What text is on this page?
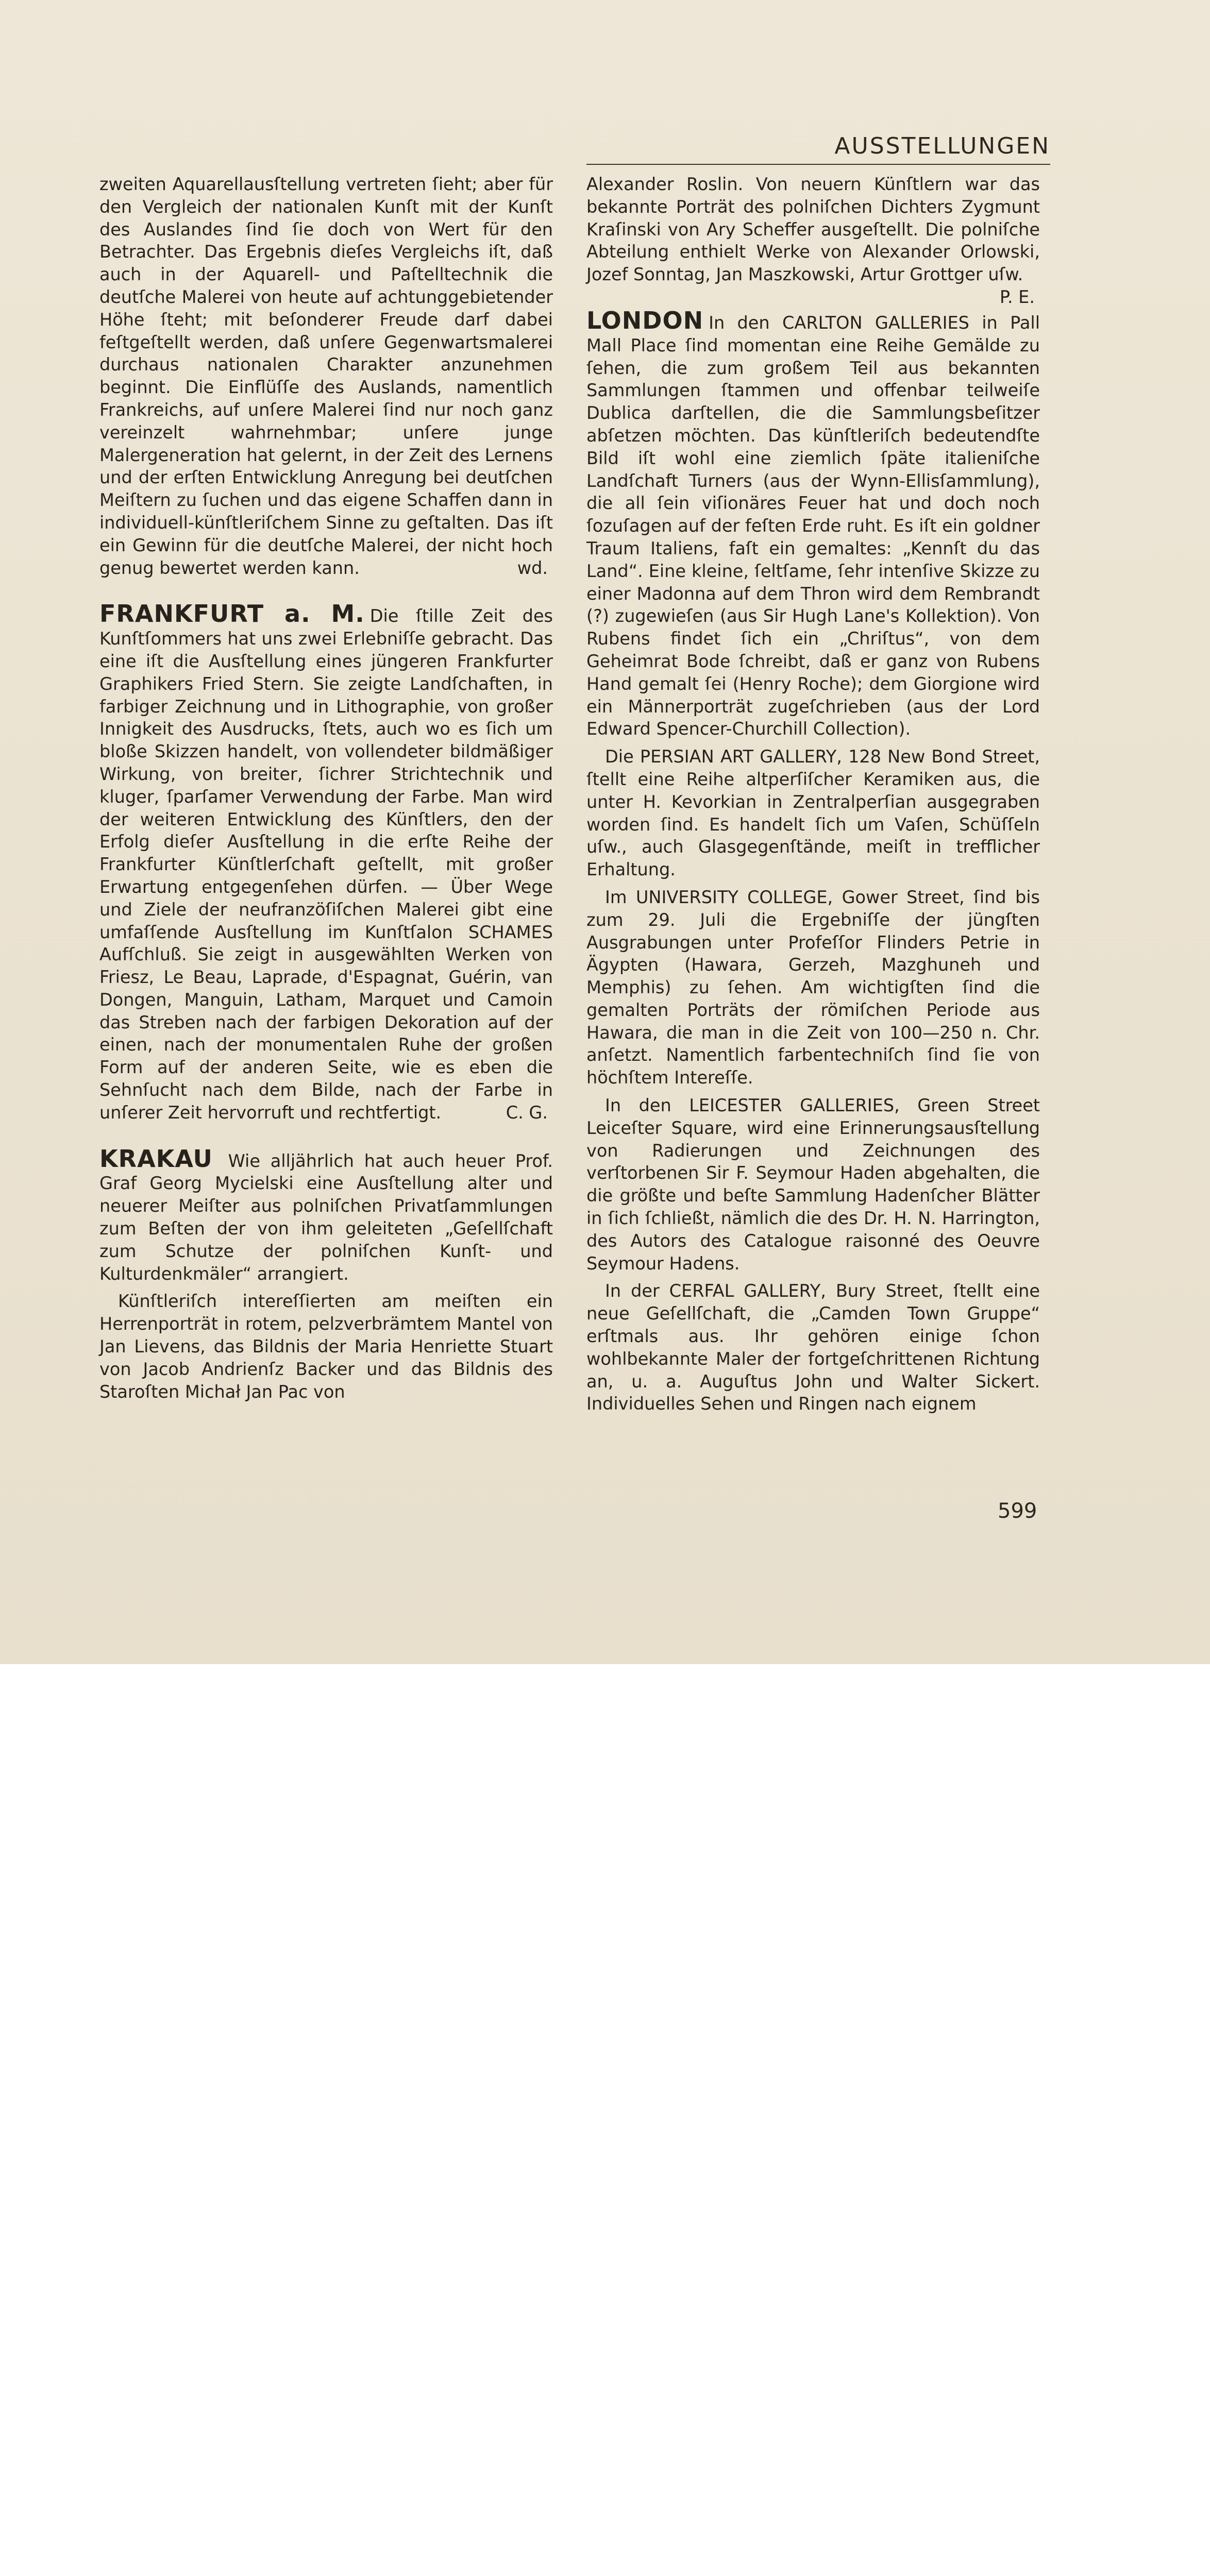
AUSSTELLUNGEN

zweiten Aquarellausſtellung vertreten ſieht; aber für den Vergleich der nationalen Kunſt mit der Kunſt des Auslandes ſind ſie doch von Wert für den Betrachter. Das Ergebnis dieſes Vergleichs iſt, daß auch in der Aquarell- und Paſtelltechnik die deutſche Malerei von heute auf achtunggebietender Höhe ſteht; mit beſonderer Freude darf dabei feſtgeſtellt werden, daß unſere Gegenwartsmalerei durchaus nationalen Charakter anzunehmen beginnt. Die Einflüſſe des Auslands, namentlich Frankreichs, auf unſere Malerei ſind nur noch ganz vereinzelt wahrnehmbar; unſere junge Malergeneration hat gelernt, in der Zeit des Lernens und der erſten Entwicklung Anregung bei deutſchen Meiſtern zu ſuchen und das eigene Schaffen dann in individuell-künſtleriſchem Sinne zu geſtalten. Das iſt ein Gewinn für die deutſche Malerei, der nicht hoch genug bewertet werden kann.	wd.

FRANKFURT a. M. Die ſtille Zeit des Kunſtſommers hat uns zwei Erlebniſſe gebracht. Das eine iſt die Ausſtellung eines jüngeren Frankfurter Graphikers Fried Stern. Sie zeigte Landſchaften, in farbiger Zeichnung und in Lithographie, von großer Innigkeit des Ausdrucks, ſtets, auch wo es ſich um bloße Skizzen handelt, von vollendeter bildmäßiger Wirkung, von breiter, ſichrer Strichtechnik und kluger, ſparſamer Verwendung der Farbe. Man wird der weiteren Entwicklung des Künſtlers, den der Erfolg dieſer Ausſtellung in die erſte Reihe der Frankfurter Künſtlerſchaft geſtellt, mit großer Erwartung entgegenſehen dürfen. — Über Wege und Ziele der neufranzöſiſchen Malerei gibt eine umfaſſende Ausſtellung im Kunſtſalon SCHAMES Aufſchluß. Sie zeigt in ausgewählten Werken von Friesz, Le Beau, Laprade, d'Espagnat, Guérin, van Dongen, Manguin, Latham, Marquet und Camoin das Streben nach der farbigen Dekoration auf der einen, nach der monumentalen Ruhe der großen Form auf der anderen Seite, wie es eben die Sehnſucht nach dem Bilde, nach der Farbe in unſerer Zeit hervorruft und rechtfertigt.	C. G.

KRAKAU Wie alljährlich hat auch heuer Prof. Graf Georg Mycielski eine Ausſtellung alter und neuerer Meiſter aus polniſchen Privatſammlungen zum Beſten der von ihm geleiteten „Geſellſchaft zum Schutze der polniſchen Kunſt- und Kulturdenkmäler“ arrangiert.

Künſtleriſch intereſſierten am meiſten ein Herrenporträt in rotem, pelzverbrämtem Mantel von Jan Lievens, das Bildnis der Maria Henriette Stuart von Jacob Andrienſz Backer und das Bildnis des Staroſten Michał Jan Pac von

Alexander Roslin. Von neuern Künſtlern war das bekannte Porträt des polniſchen Dichters Zygmunt Kraſinski von Ary Scheffer ausgeſtellt. Die polniſche Abteilung enthielt Werke von Alexander Orlowski, Jozef Sonntag, Jan Maszkowski, Artur Grottger uſw.
P. E.

LONDON In den CARLTON GALLERIES in Pall Mall Place ſind momentan eine Reihe Gemälde zu ſehen, die zum großem Teil aus bekannten Sammlungen ſtammen und offenbar teilweiſe Dublica darſtellen, die die Sammlungsbeſitzer abſetzen möchten. Das künſtleriſch bedeutendſte Bild iſt wohl eine ziemlich ſpäte italieniſche Landſchaft Turners (aus der Wynn-Ellisſammlung), die all ſein viſionäres Feuer hat und doch noch ſozuſagen auf der feſten Erde ruht. Es iſt ein goldner Traum Italiens, faſt ein gemaltes: „Kennſt du das Land“. Eine kleine, ſeltſame, ſehr intenſive Skizze zu einer Madonna auf dem Thron wird dem Rembrandt (?) zugewieſen (aus Sir Hugh Lane's Kollektion). Von Rubens findet ſich ein „Chriſtus“, von dem Geheimrat Bode ſchreibt, daß er ganz von Rubens Hand gemalt ſei (Henry Roche); dem Giorgione wird ein Männerporträt zugeſchrieben (aus der Lord Edward Spencer-Churchill Collection).

Die PERSIAN ART GALLERY, 128 New Bond Street, ſtellt eine Reihe altperſiſcher Keramiken aus, die unter H. Kevorkian in Zentralperſian ausgegraben worden ſind. Es handelt ſich um Vaſen, Schüſſeln uſw., auch Glasgegenſtände, meiſt in trefflicher Erhaltung.

Im UNIVERSITY COLLEGE, Gower Street, ſind bis zum 29. Juli die Ergebniſſe der jüngſten Ausgrabungen unter Profeſſor Flinders Petrie in Ägypten (Hawara, Gerzeh, Mazghuneh und Memphis) zu ſehen. Am wichtigſten ſind die gemalten Porträts der römiſchen Periode aus Hawara, die man in die Zeit von 100—250 n. Chr. anſetzt. Namentlich farbentechniſch ſind ſie von höchſtem Intereſſe.

In den LEICESTER GALLERIES, Green Street Leiceſter Square, wird eine Erinnerungsausſtellung von Radierungen und Zeichnungen des verſtorbenen Sir F. Seymour Haden abgehalten, die die größte und beſte Sammlung Hadenſcher Blätter in ſich ſchließt, nämlich die des Dr. H. N. Harrington, des Autors des Catalogue raisonné des Oeuvre Seymour Hadens.

In der CERFAL GALLERY, Bury Street, ſtellt eine neue Geſellſchaft, die „Camden Town Gruppe“ erſtmals aus. Ihr gehören einige ſchon wohlbekannte Maler der fortgeſchrittenen Richtung an, u. a. Auguſtus John und Walter Sickert. Individuelles Sehen und Ringen nach eignem

599
